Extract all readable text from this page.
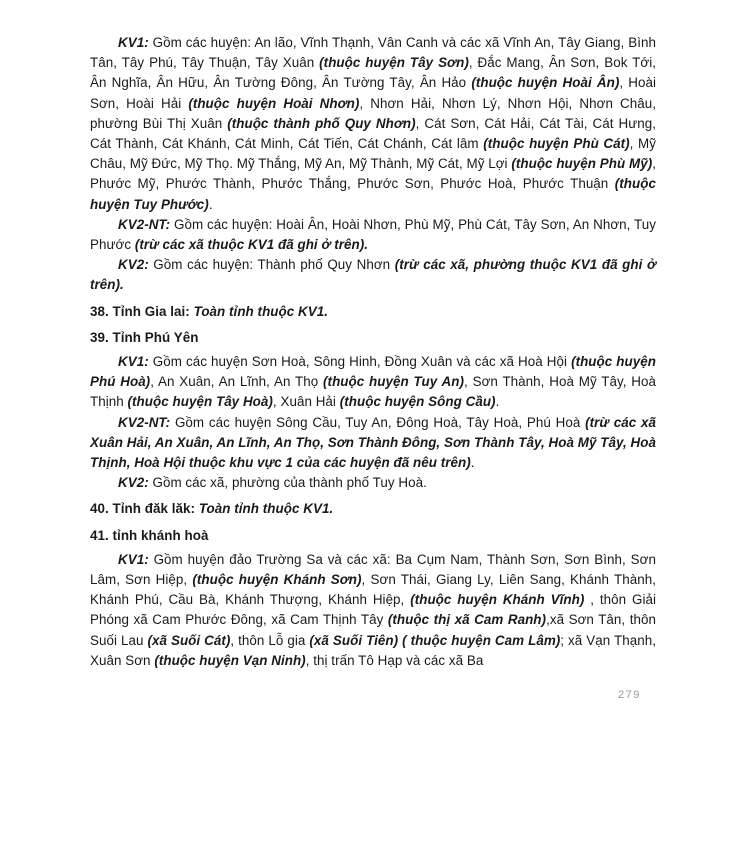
KV1: Gồm các huyện: An lão, Vĩnh Thạnh, Vân Canh và các xã Vĩnh An, Tây Giang, Bình Tân, Tây Phú, Tây Thuận, Tây Xuân (thuộc huyện Tây Sơn), Đắc Mang, Ân Sơn, Bok Tới, Ân Nghĩa, Ân Hữu, Ân Tường Đông, Ân Tường Tây, Ân Hảo (thuộc huyện Hoài Ân), Hoài Sơn, Hoài Hải (thuộc huyện Hoài Nhơn), Nhơn Hải, Nhơn Lý, Nhơn Hội, Nhơn Châu, phường Bùi Thị Xuân (thuộc thành phố Quy Nhơn), Cát Sơn, Cát Hải, Cát Tài, Cát Hưng, Cát Thành, Cát Khánh, Cát Minh, Cát Tiến, Cát Chánh, Cát lâm (thuộc huyện Phù Cát), Mỹ Châu, Mỹ Đức, Mỹ Thọ. Mỹ Thắng, Mỹ An, Mỹ Thành, Mỹ Cát, Mỹ Lợi (thuộc huyện Phù Mỹ), Phước Mỹ, Phước Thành, Phước Thắng, Phước Sơn, Phước Hoà, Phước Thuận (thuộc huyện Tuy Phước).

KV2-NT: Gồm các huyện: Hoài Ân, Hoài Nhơn, Phù Mỹ, Phù Cát, Tây Sơn, An Nhơn, Tuy Phước (trừ các xã thuộc KV1 đã ghi ở trên).

KV2: Gồm các huyện: Thành phố Quy Nhơn (trừ các xã, phường thuộc KV1 đã ghi ở trên).

38. Tỉnh Gia lai: Toàn tỉnh thuộc KV1.

39. Tỉnh Phú Yên

KV1: Gồm các huyện Sơn Hoà, Sông Hinh, Đồng Xuân và các xã Hoà Hội (thuộc huyện Phú Hoà), An Xuân, An Lĩnh, An Thọ (thuộc huyện Tuy An), Sơn Thành, Hoà Mỹ Tây, Hoà Thịnh (thuộc huyện Tây Hoà), Xuân Hải (thuộc huyện Sông Cầu).

KV2-NT: Gồm các huyện Sông Cầu, Tuy An, Đông Hoà, Tây Hoà, Phú Hoà (trừ các xã Xuân Hải, An Xuân, An Lĩnh, An Thọ, Sơn Thành Đông, Sơn Thành Tây, Hoà Mỹ Tây, Hoà Thịnh, Hoà Hội thuộc khu vực 1 của các huyện đã nêu trên).

KV2: Gồm các xã, phường của thành phố Tuy Hoà.

40. Tỉnh đăk lăk: Toàn tỉnh thuộc KV1.

41. tỉnh khánh hoà

KV1: Gồm huyện đảo Trường Sa và các xã: Ba Cụm Nam, Thành Sơn, Sơn Bình, Sơn Lâm, Sơn Hiệp, (thuộc huyện Khánh Sơn), Sơn Thái, Giang Ly, Liên Sang, Khánh Thành, Khánh Phú, Cầu Bà, Khánh Thượng, Khánh Hiệp, (thuộc huyện Khánh Vĩnh) , thôn Giải Phóng xã Cam Phước Đông, xã Cam Thịnh Tây (thuộc thị xã Cam Ranh),xã Sơn Tân, thôn Suối Lau (xã Suối Cát), thôn Lỗ gia (xã Suối Tiên) ( thuộc huyện Cam Lâm); xã Vạn Thạnh, Xuân Sơn (thuộc huyện Vạn Ninh), thị trấn Tô Hạp và các xã Ba

279
